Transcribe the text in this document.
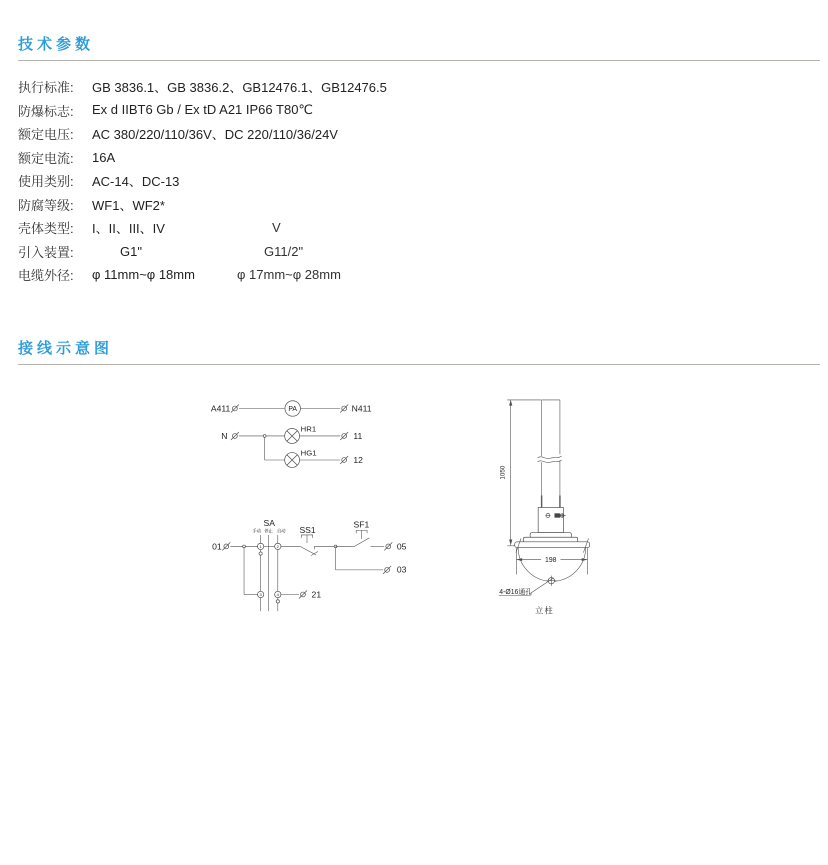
技术参数
执行标准:	GB 3836.1、GB 3836.2、GB12476.1、GB12476.5
防爆标志:	Ex d IIBT6 Gb / Ex tD A21 IP66 T80℃
额定电压:	AC 380/220/110/36V、DC 220/110/36/24V
额定电流:	16A
使用类别:	AC-14、DC-13
防腐等级:	WF1、WF2*
壳体类型:	I、II、III、IV	V
引入装置:	G1"	G11/2"
电缆外径:	φ 11mm~φ 18mm	φ 17mm~φ 28mm
接线示意图
A411	PA	N411
N
HR1
11
HG1
12
SA
手动 停止 自动
01	1 2
SS1
SF1
05
03
3 4 21
1050
198
4-Ø16通孔
立柱
